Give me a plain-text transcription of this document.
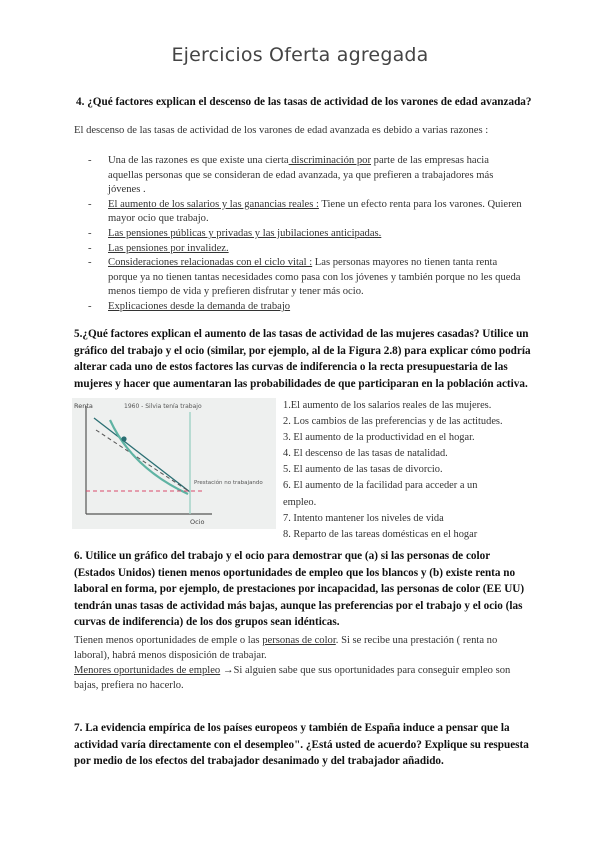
Ejercicios Oferta agregada
4. ¿Qué factores explican el descenso de las tasas de actividad de los varones de edad avanzada?
El descenso de las tasas de actividad de los varones de edad avanzada es debido a varias razones :
- Una de las razones es que existe una cierta discriminación por parte de las empresas hacia aquellas personas que se consideran de edad avanzada, ya que prefieren a trabajadores más jóvenes .
- El aumento de los salarios y las ganancias reales : Tiene un efecto renta para los varones. Quieren mayor ocio que trabajo.
- Las pensiones públicas y privadas y las jubilaciones anticipadas.
- Las pensiones por invalidez.
- Consideraciones relacionadas con el ciclo vital : Las personas mayores no tienen tanta renta porque ya no tienen tantas necesidades como pasa con los jóvenes y también porque no les queda menos tiempo de vida y prefieren disfrutar y tener más ocio.
- Explicaciones desde la demanda de trabajo
5.¿Qué factores explican el aumento de las tasas de actividad de las mujeres casadas? Utilice un gráfico del trabajo y el ocio (similar, por ejemplo, al de la Figura 2.8) para explicar cómo podría alterar cada uno de estos factores las curvas de indiferencia o la recta presupuestaria de las mujeres y hacer que aumentaran las probabilidades de que participaran en la población activa.
Renta
Ocio
1960 - Silvia tenía trabajo
Prestación no trabajando
1.El aumento de los salarios reales de las mujeres.
2. Los cambios de las preferencias y de las actitudes.
3. El aumento de la productividad en el hogar.
4. El descenso de las tasas de natalidad.
5. El aumento de las tasas de divorcio.
6. El aumento de la facilidad para acceder a un empleo.
7. Intento mantener los niveles de vida
8. Reparto de las tareas domésticas en el hogar
6. Utilice un gráfico del trabajo y el ocio para demostrar que (a) si las personas de color (Estados Unidos) tienen menos oportunidades de empleo que los blancos y (b) existe renta no laboral en forma, por ejemplo, de prestaciones por incapacidad, las personas de color (EE UU) tendrán unas tasas de actividad más bajas, aunque las preferencias por el trabajo y el ocio (las curvas de indiferencia) de los dos grupos sean idénticas.
Tienen menos oportunidades de emple o las personas de color. Si se recibe una prestación ( renta no laboral), habrá menos disposición de trabajar.
Menores oportunidades de empleo →Si alguien sabe que sus oportunidades para conseguir empleo son bajas, prefiera no hacerlo.
7. La evidencia empírica de los países europeos y también de España induce a pensar que la actividad varía directamente con el desempleo". ¿Está usted de acuerdo? Explique su respuesta por medio de los efectos del trabajador desanimado y del trabajador añadido.
